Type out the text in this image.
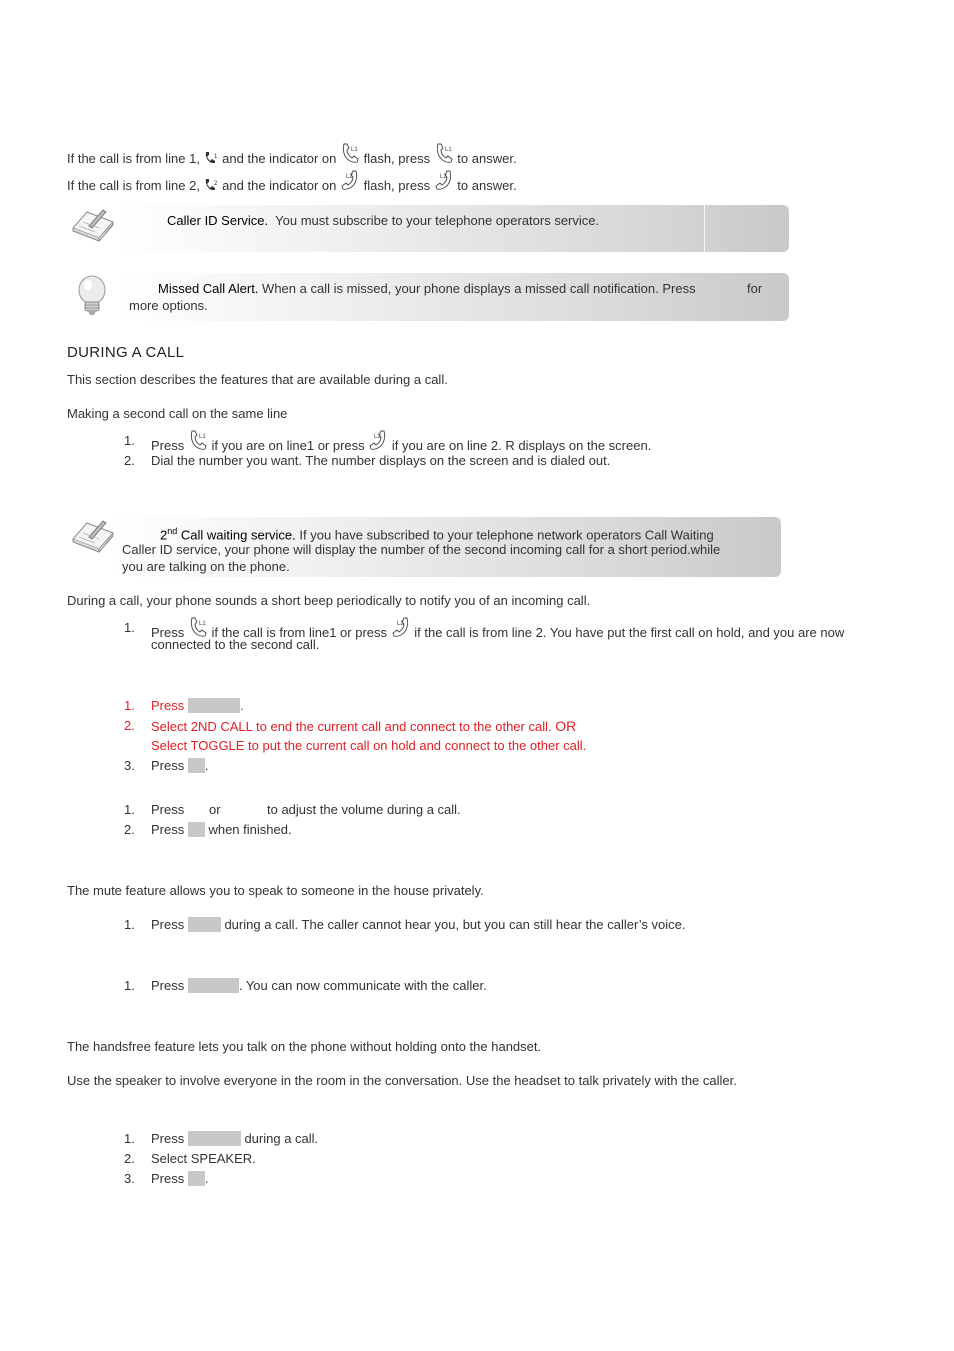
If the call is from line 1, 1 and the indicator on
flash, press
to answer.
If the call is from line 2, 2 and the indicator on
flash, press
to answer.
Caller ID Service. You must subscribe to your telephone operators service.
Missed Call Alert. When a call is missed, your phone displays a missed call notification. Press	for
more options.
DURING A CALL
This section describes the features that are available during a call.
Making a second call on the same line
1. Press
if you are on line1 or press
if you are on line 2. R displays on the screen.
2. Dial the number you want. The number displays on the screen and is dialed out.
2nd Call waiting service. If you have subscribed to your telephone network operators Call Waiting
Caller ID service, your phone will display the number of the second incoming call for a short period.while
you are talking on the phone.
During a call, your phone sounds a short beep periodically to notify you of an incoming call.
1. Press
if the call is from line1 or press
if the call is from line 2. You have put the first call on hold, and you are now
connected to the second call.
1. Press	.
2. Select 2ND CALL to end the current call and connect to the other call. OR
Select TOGGLE to put the current call on hold and connect to the other call.
3. Press .
1. Press or	to adjust the volume during a call.
2. Press  when finished.
The mute feature allows you to speak to someone in the house privately.
1. Press	during a call. The caller cannot hear you, but you can still hear the caller’s voice.
1. Press	. You can now communicate with the caller.
The handsfree feature lets you talk on the phone without holding onto the handset.
Use the speaker to involve everyone in the room in the conversation. Use the headset to talk privately with the caller.
1. Press	during a call.
2. Select SPEAKER.
3. Press .
